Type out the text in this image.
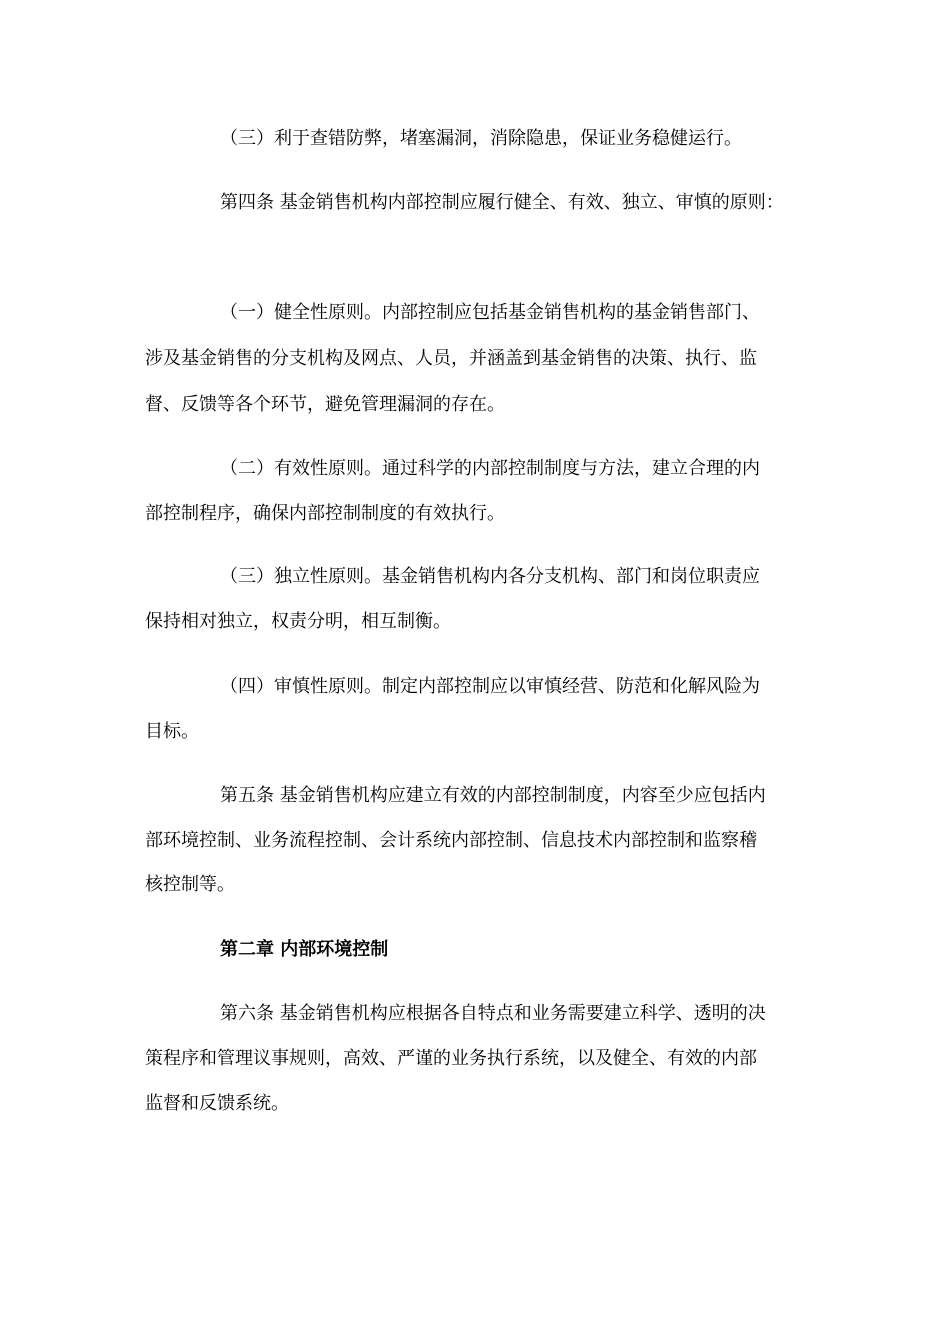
（三）利于查错防弊，堵塞漏洞，消除隐患，保证业务稳健运行。
第四条 基金销售机构内部控制应履行健全、有效、独立、审慎的原则：
（一）健全性原则。内部控制应包括基金销售机构的基金销售部门、
涉及基金销售的分支机构及网点、人员，并涵盖到基金销售的决策、执行、监
督、反馈等各个环节，避免管理漏洞的存在。
（二）有效性原则。通过科学的内部控制制度与方法，建立合理的内
部控制程序，确保内部控制制度的有效执行。
（三）独立性原则。基金销售机构内各分支机构、部门和岗位职责应
保持相对独立，权责分明，相互制衡。
（四）审慎性原则。制定内部控制应以审慎经营、防范和化解风险为
目标。
第五条 基金销售机构应建立有效的内部控制制度，内容至少应包括内
部环境控制、业务流程控制、会计系统内部控制、信息技术内部控制和监察稽
核控制等。
第二章 内部环境控制
第六条 基金销售机构应根据各自特点和业务需要建立科学、透明的决
策程序和管理议事规则，高效、严谨的业务执行系统，以及健全、有效的内部
监督和反馈系统。
